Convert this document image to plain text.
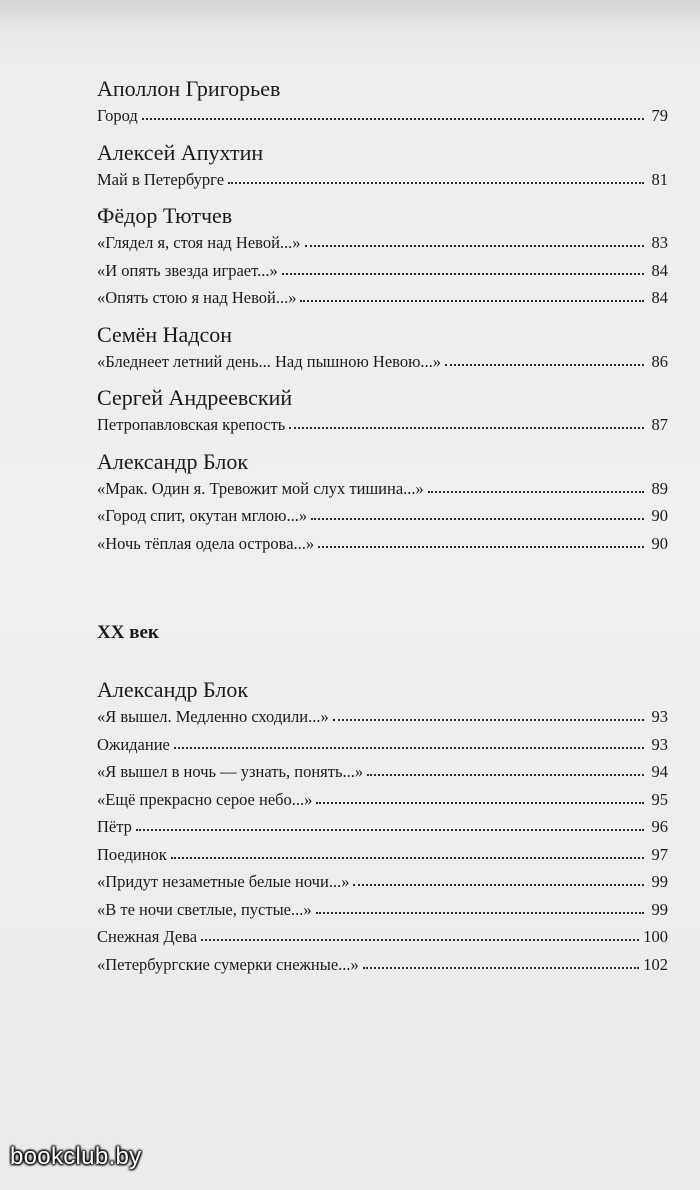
Аполлон Григорьев
Город	79
Алексей Апухтин
Май в Петербурге	81
Фёдор Тютчев
«Глядел я, стоя над Невой...»	83
«И опять звезда играет...»	84
«Опять стою я над Невой...»	84
Семён Надсон
«Бледнеет летний день... Над пышною Невою...»	86
Сергей Андреевский
Петропавловская крепость	87
Александр Блок
«Мрак. Один я. Тревожит мой слух тишина...»	89
«Город спит, окутан мглою...»	90
«Ночь тёплая одела острова...»	90
XX век
Александр Блок
«Я вышел. Медленно сходили...»	93
Ожидание	93
«Я вышел в ночь — узнать, понять...»	94
«Ещё прекрасно серое небо...»	95
Пётр	96
Поединок	97
«Придут незаметные белые ночи...»	99
«В те ночи светлые, пустые...»	99
Снежная Дева	100
«Петербургские сумерки снежные...»	102
bookclub.by
